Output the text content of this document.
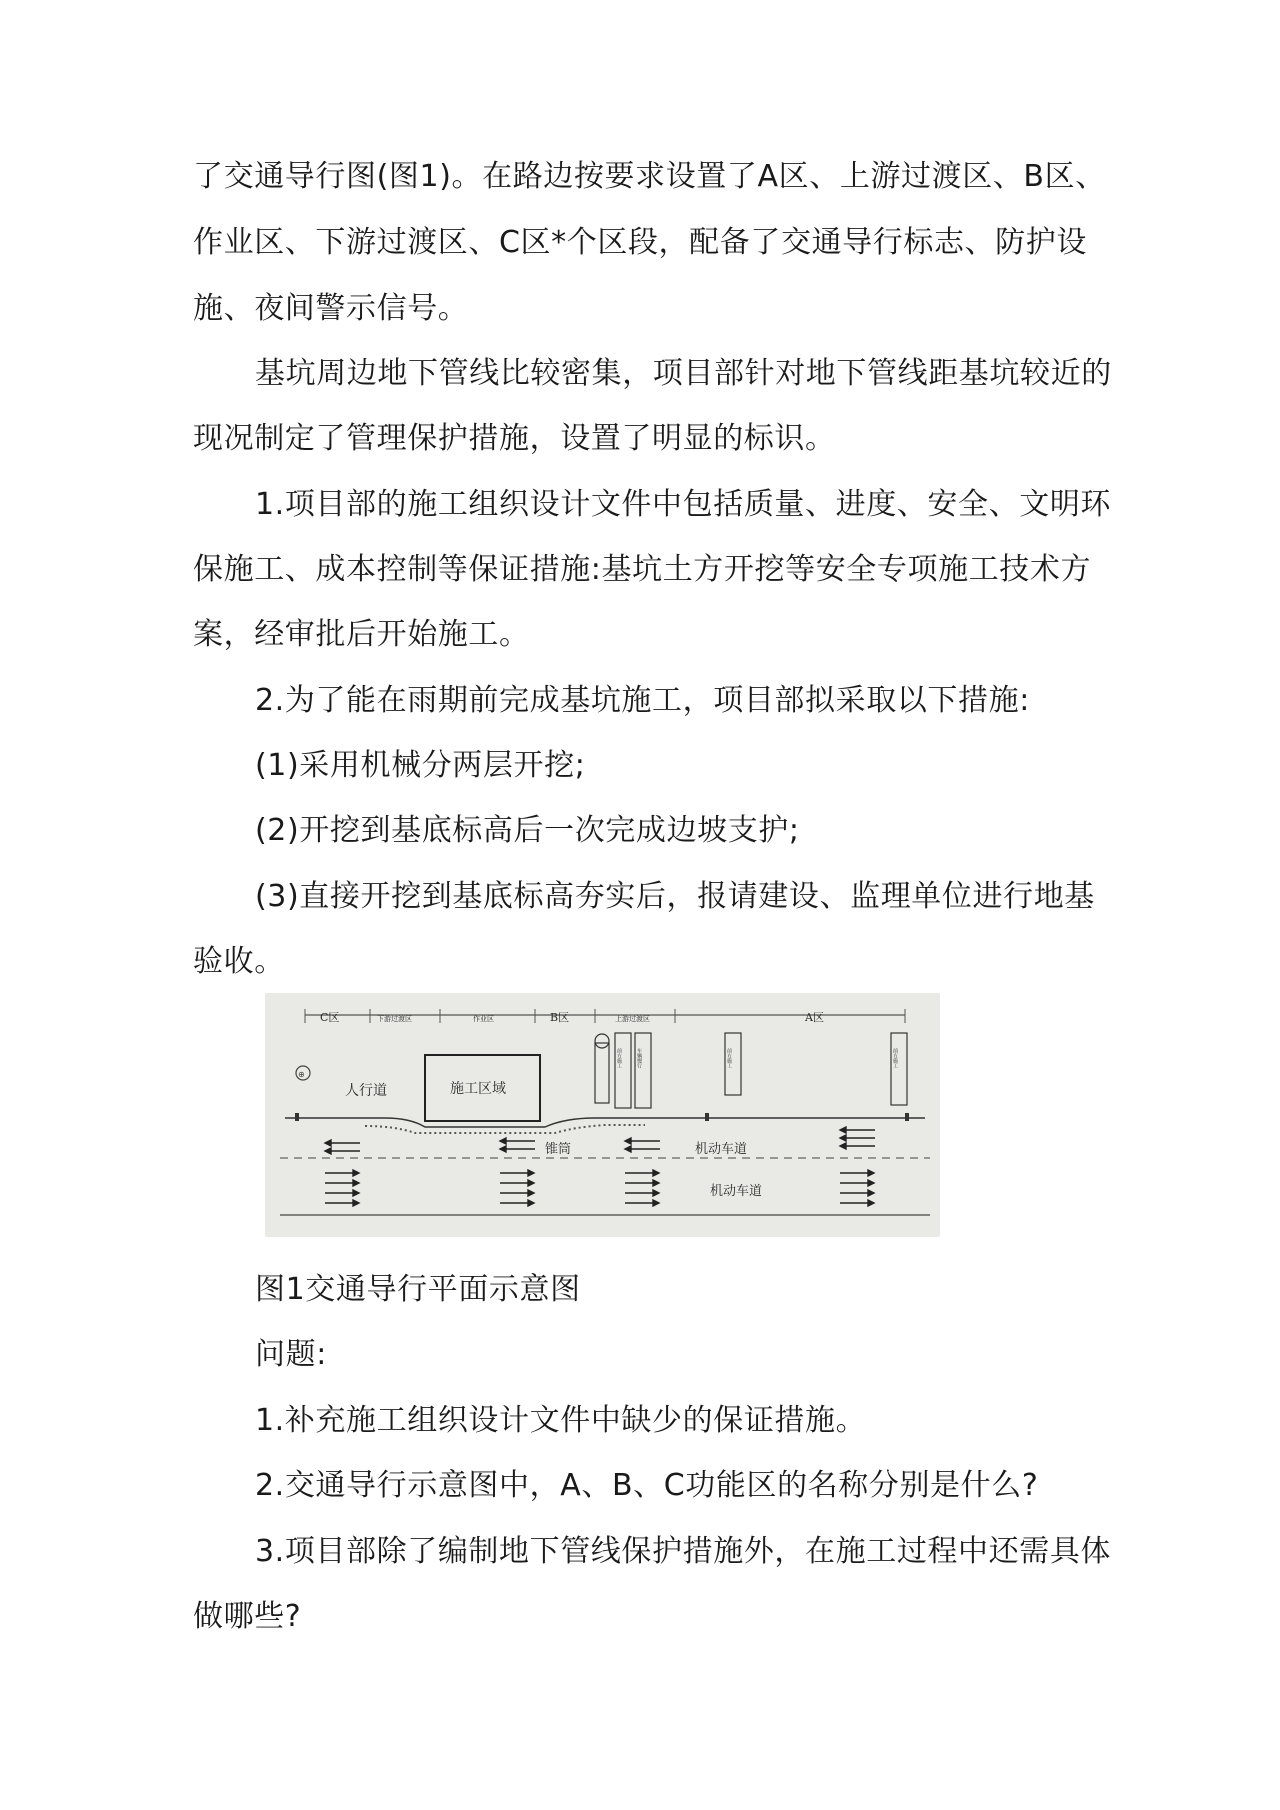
了交通导行图(图1)。在路边按要求设置了A区、上游过渡区、B区、
作业区、下游过渡区、C区*个区段，配备了交通导行标志、防护设
施、夜间警示信号。
基坑周边地下管线比较密集，项目部针对地下管线距基坑较近的
现况制定了管理保护措施，设置了明显的标识。
1.项目部的施工组织设计文件中包括质量、进度、安全、文明环
保施工、成本控制等保证措施:基坑土方开挖等安全专项施工技术方
案，经审批后开始施工。
2.为了能在雨期前完成基坑施工，项目部拟采取以下措施:
(1)采用机械分两层开挖;
(2)开挖到基底标高后一次完成边坡支护;
(3)直接开挖到基底标高夯实后，报请建设、监理单位进行地基
验收。
C区	下游过渡区	作业区	B区	上游过渡区	A区
⊕
人行道	施工区域
锥筒
前方施工	车辆慢行	前方施工	前方施工
机动车道
机动车道
图1交通导行平面示意图
问题:
1.补充施工组织设计文件中缺少的保证措施。
2.交通导行示意图中，A、B、C功能区的名称分别是什么?
3.项目部除了编制地下管线保护措施外，在施工过程中还需具体
做哪些?
